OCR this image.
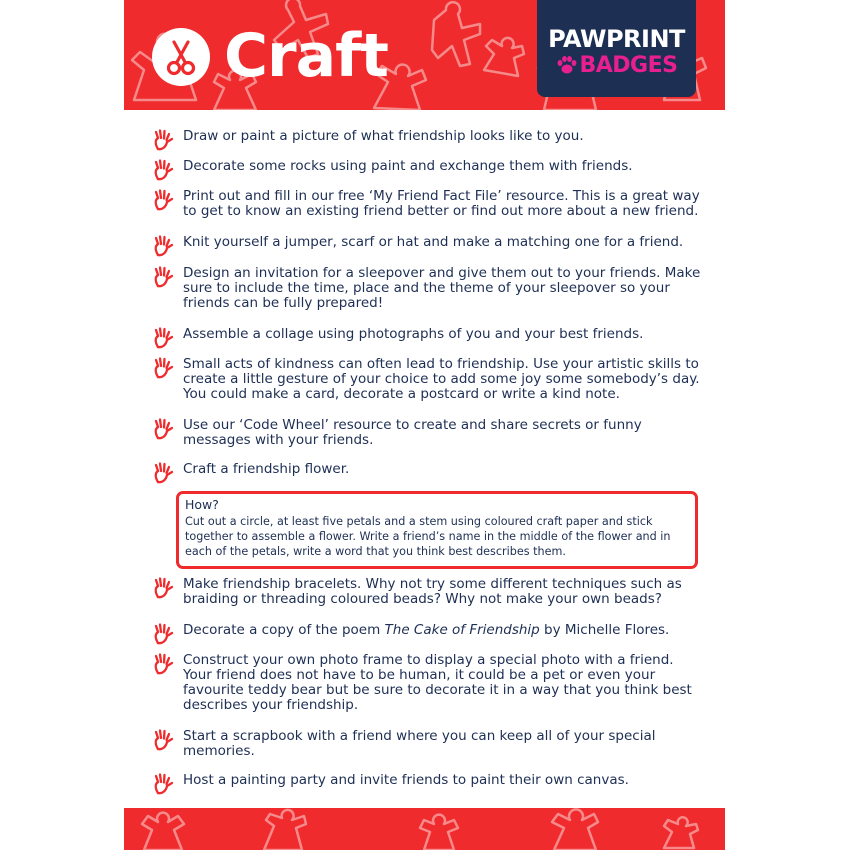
Craft	PAWPRINT
BADGES

Draw or paint a picture of what friendship looks like to you.

Decorate some rocks using paint and exchange them with friends.

Print out and fill in our free ‘My Friend Fact File’ resource. This is a great way to get to know an existing friend better or find out more about a new friend.

Knit yourself a jumper, scarf or hat and make a matching one for a friend.

Design an invitation for a sleepover and give them out to your friends. Make sure to include the time, place and the theme of your sleepover so your friends can be fully prepared!

Assemble a collage using photographs of you and your best friends.

Small acts of kindness can often lead to friendship. Use your artistic skills to create a little gesture of your choice to add some joy some somebody’s day. You could make a card, decorate a postcard or write a kind note.

Use our ‘Code Wheel’ resource to create and share secrets or funny messages with your friends.

Craft a friendship flower.

Make friendship bracelets. Why not try some different techniques such as braiding or threading coloured beads? Why not make your own beads?

Decorate a copy of the poem The Cake of Friendship by Michelle Flores.

Construct your own photo frame to display a special photo with a friend. Your friend does not have to be human, it could be a pet or even your favourite teddy bear but be sure to decorate it in a way that you think best describes your friendship.

Start a scrapbook with a friend where you can keep all of your special memories.

Host a painting party and invite friends to paint their own canvas.

How?
Cut out a circle, at least five petals and a stem using coloured craft paper and stick together to assemble a flower. Write a friend’s name in the middle of the flower and in each of the petals, write a word that you think best describes them.
